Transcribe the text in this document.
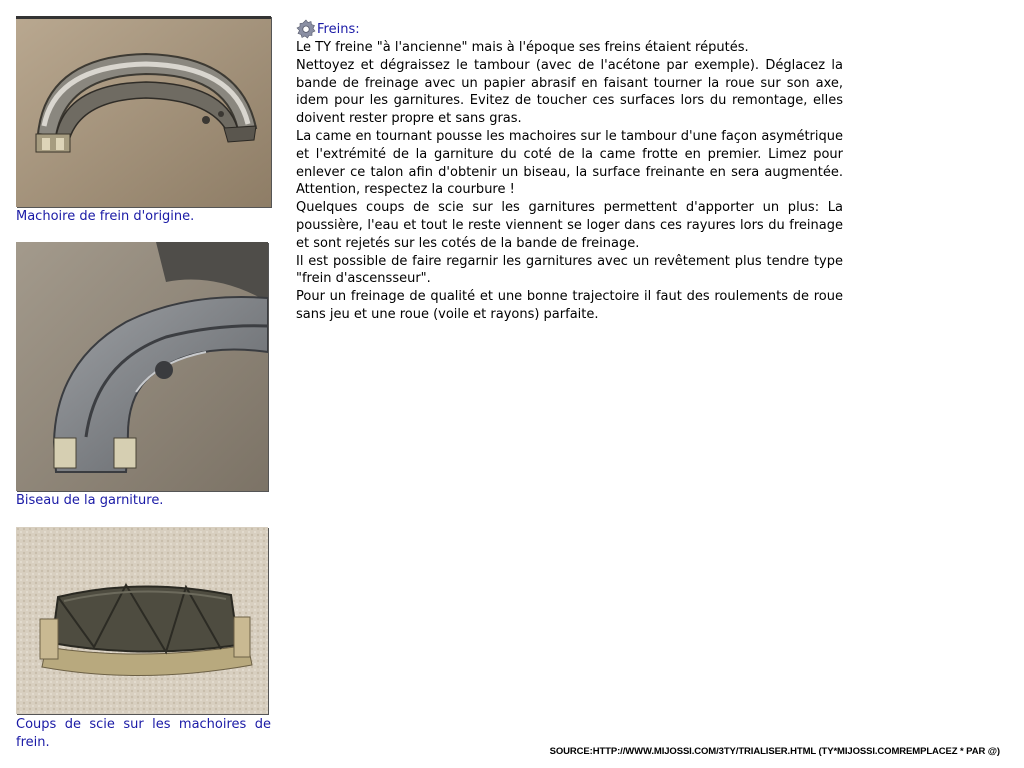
Machoire de frein d'origine.
Biseau de la garniture.
Coups de scie sur les machoires de frein.
Freins:

Le TY freine "à l'ancienne" mais à l'époque ses freins étaient réputés.

Nettoyez et dégraissez le tambour (avec de l'acétone par exemple). Déglacez la bande de freinage avec un papier abrasif en faisant tourner la roue sur son axe, idem pour les garnitures. Evitez de toucher ces surfaces lors du remontage, elles doivent rester propre et sans gras.

La came en tournant pousse les machoires sur le tambour d'une façon asymétrique et l'extrémité de la garniture du coté de la came frotte en premier. Limez pour enlever ce talon afin d'obtenir un biseau, la surface freinante en sera augmentée. Attention, respectez la courbure !

Quelques coups de scie sur les garnitures permettent d'apporter un plus: La poussière, l'eau et tout le reste viennent se loger dans ces rayures lors du freinage et sont rejetés sur les cotés de la bande de freinage.

Il est possible de faire regarnir les garnitures avec un revêtement plus tendre type "frein d'ascensseur".

Pour un freinage de qualité et une bonne trajectoire il faut des roulements de roue sans jeu et une roue (voile et rayons) parfaite.

SOURCE:HTTP://WWW.MIJOSSI.COM/3TY/TRIALISER.HTML (TY*MIJOSSI.COMREMPLACEZ * PAR @)
